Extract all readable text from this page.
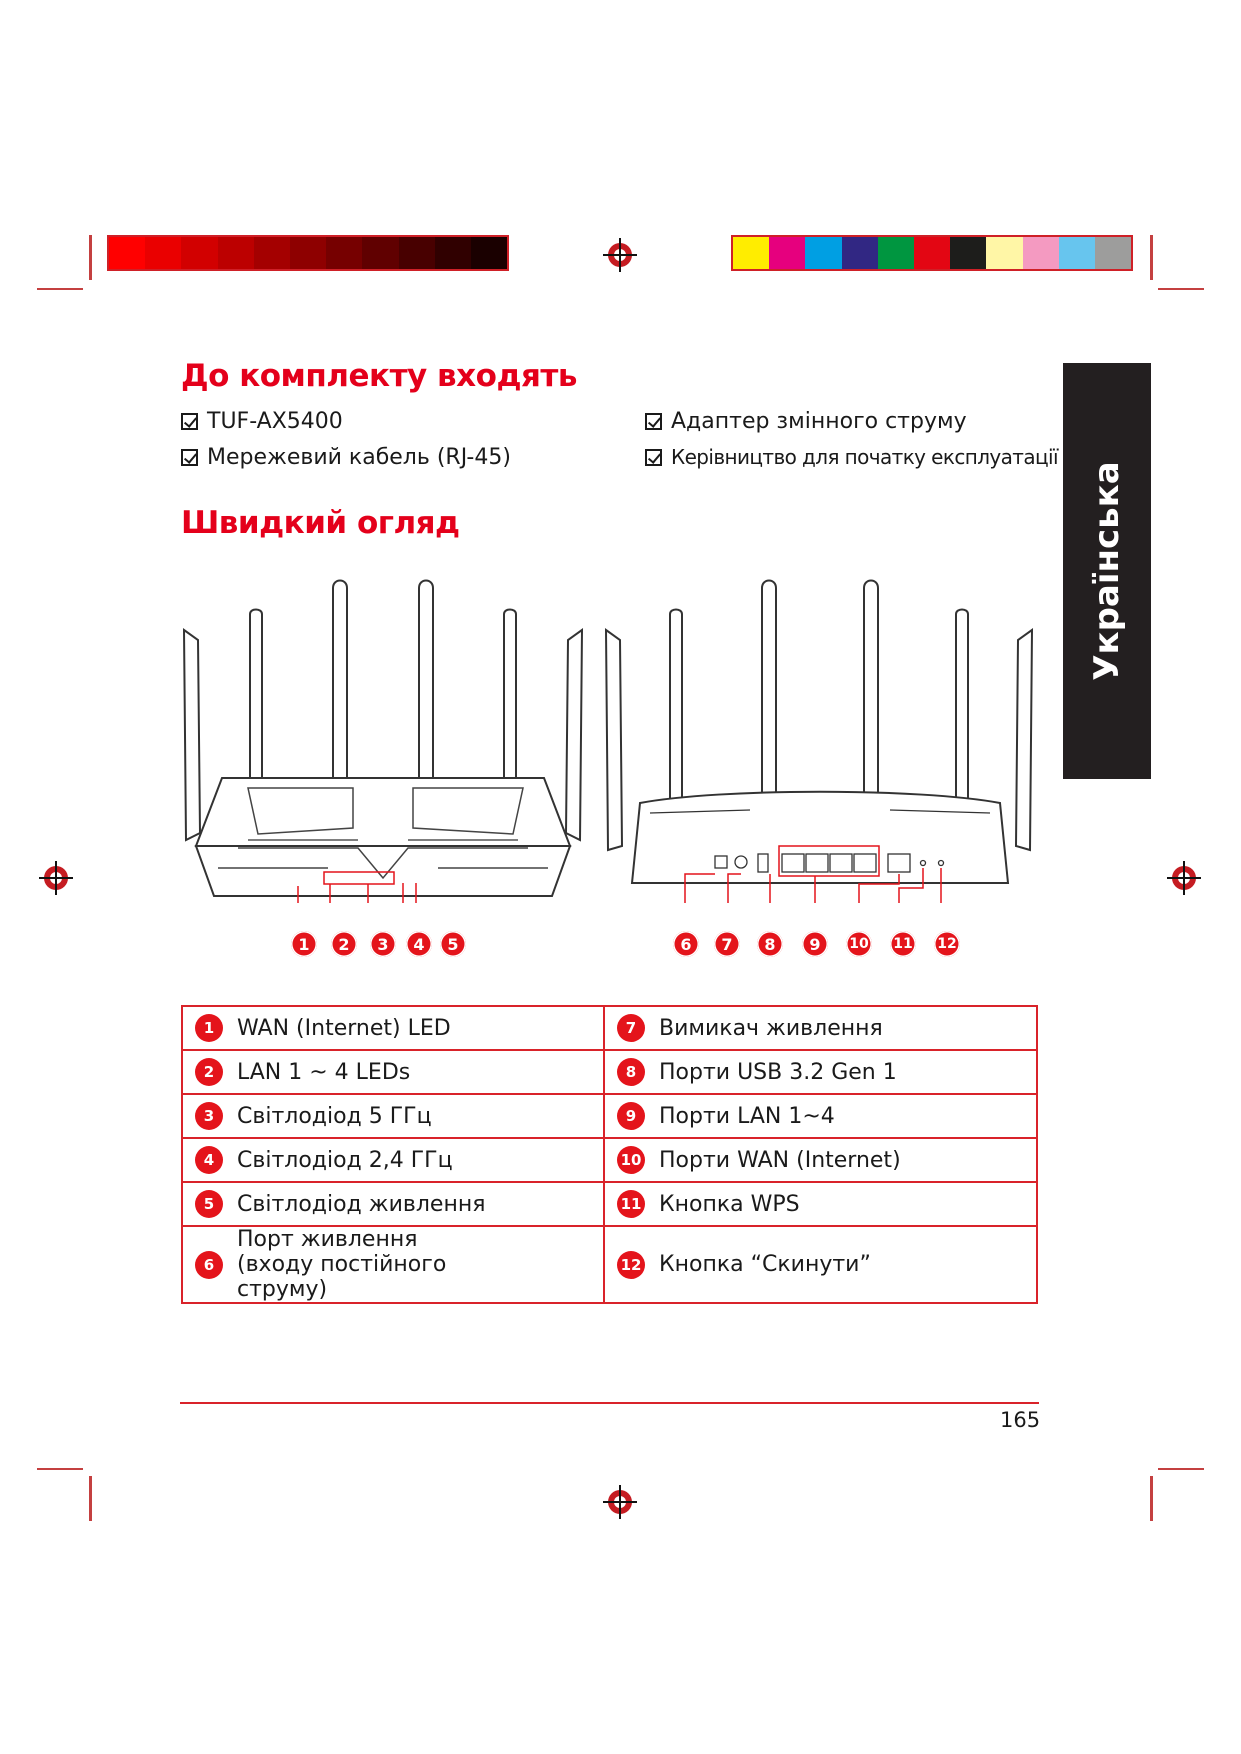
До комплекту входять
TUF-AX5400
Мережевий кабель (RJ-45)
Адаптер змінного струму
Керівництво для початку експлуатації
Швидкий огляд	Українська
1	2	3	4	5	6	7	8	9	10 11 12
1 WAN (Internet) LED	7 Вимикач живлення

2 LAN 1 ~ 4 LEDs	8 Порти USB 3.2 Gen 1

3 Світлодіод 5 ГГц	9 Порти LAN 1~4

4 Світлодіод 2,4 ГГц	10 Порти WAN (Internet)

5 Світлодіод живлення	11 Кнопка WPS

6
Порт живлення (входу постійного струму)	12 Кнопка “Скинути”
165
